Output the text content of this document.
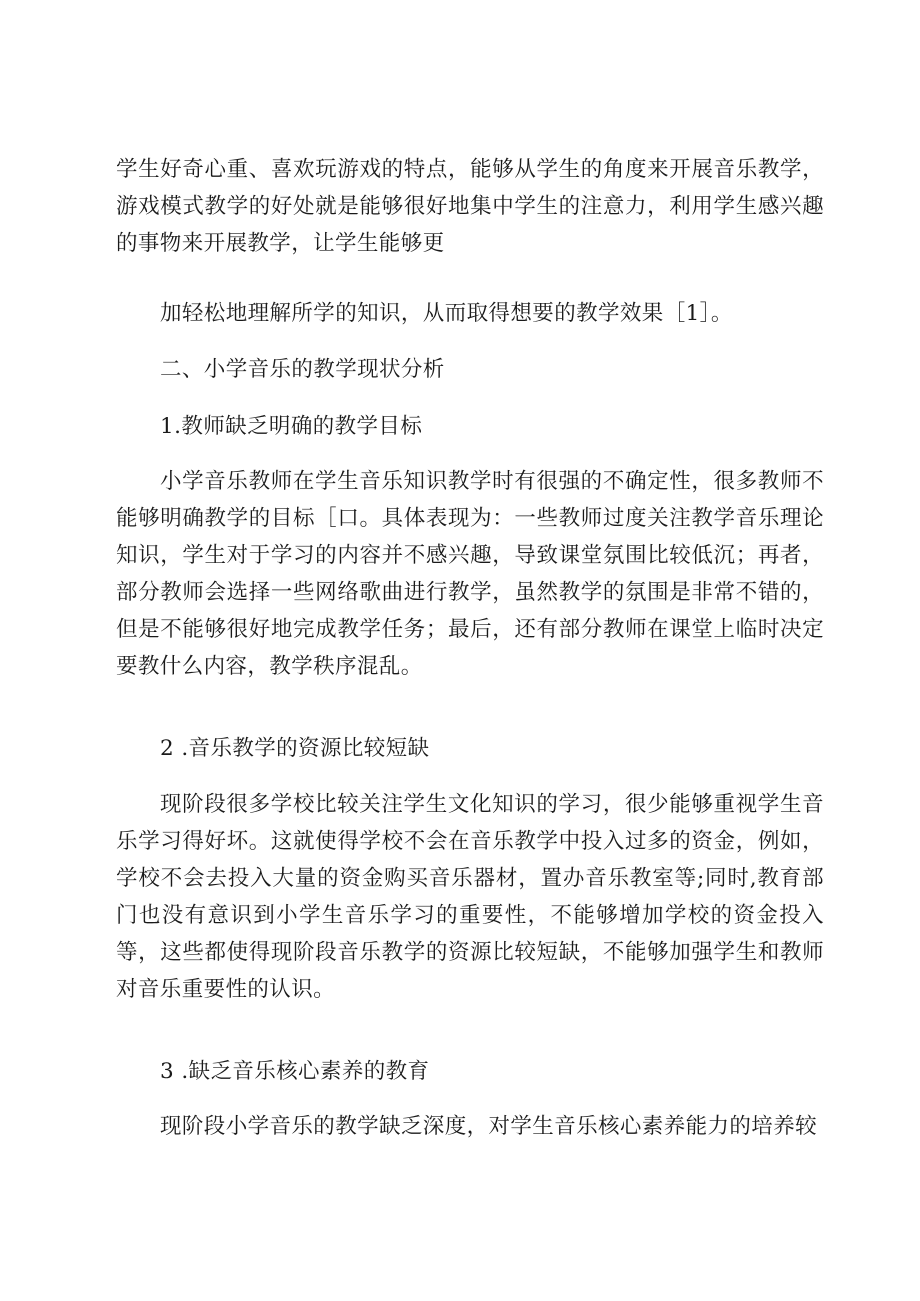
学生好奇心重、喜欢玩游戏的特点，能够从学生的角度来开展音乐教学，游戏模式教学的好处就是能够很好地集中学生的注意力，利用学生感兴趣的事物来开展教学，让学生能够更

加轻松地理解所学的知识，从而取得想要的教学效果［1］。

二、小学音乐的教学现状分析

1.教师缺乏明确的教学目标

小学音乐教师在学生音乐知识教学时有很强的不确定性，很多教师不能够明确教学的目标［口。具体表现为：一些教师过度关注教学音乐理论知识，学生对于学习的内容并不感兴趣，导致课堂氛围比较低沉；再者，部分教师会选择一些网络歌曲进行教学，虽然教学的氛围是非常不错的，但是不能够很好地完成教学任务；最后，还有部分教师在课堂上临时决定要教什么内容，教学秩序混乱。

2 .音乐教学的资源比较短缺

现阶段很多学校比较关注学生文化知识的学习，很少能够重视学生音乐学习得好坏。这就使得学校不会在音乐教学中投入过多的资金，例如，学校不会去投入大量的资金购买音乐器材，置办音乐教室等;同时,教育部门也没有意识到小学生音乐学习的重要性，不能够增加学校的资金投入等，这些都使得现阶段音乐教学的资源比较短缺，不能够加强学生和教师对音乐重要性的认识。

3 .缺乏音乐核心素养的教育

现阶段小学音乐的教学缺乏深度，对学生音乐核心素养能力的培养较
